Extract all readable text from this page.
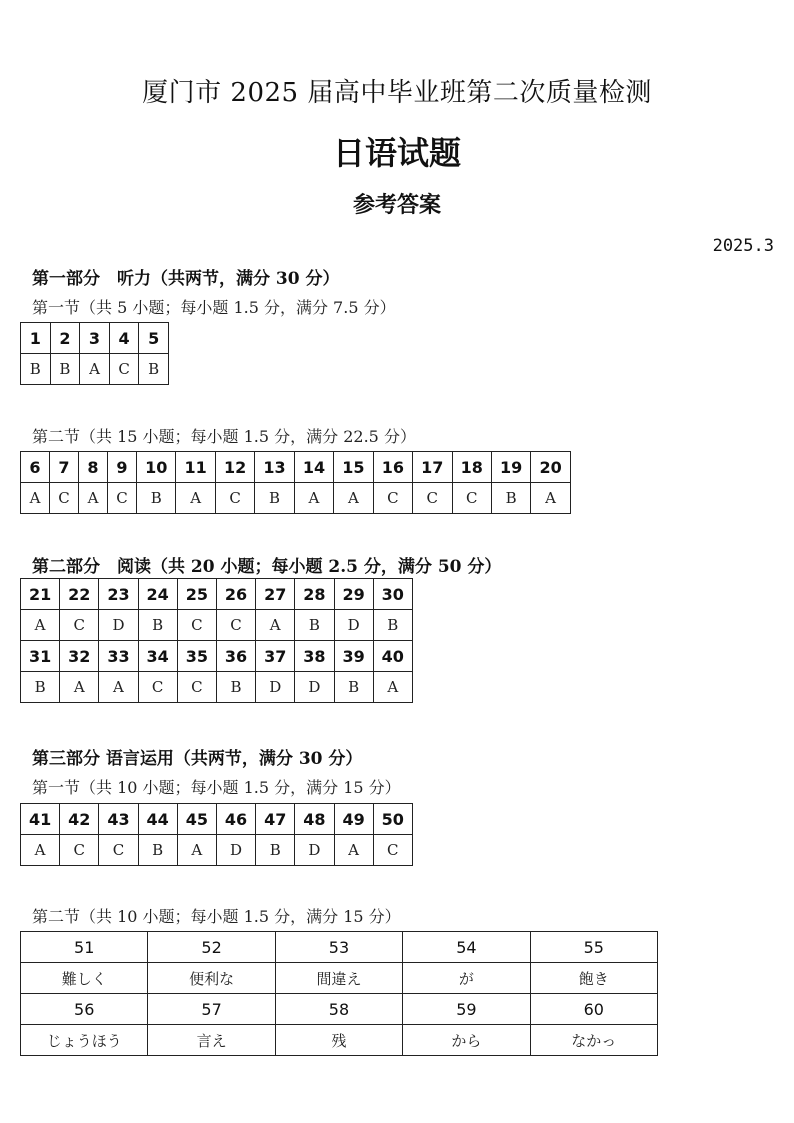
厦门市 2025 届高中毕业班第二次质量检测
日语试题
参考答案
2025.3
第一部分　听力（共两节，满分 30 分）
第一节（共 5 小题；每小题 1.5 分，满分 7.5 分）
1	2	3	4	5
B	B	A	C	B
第二节（共 15 小题；每小题 1.5 分，满分 22.5 分）
6	7	8	9	10	11	12	13	14	15	16	17	18	19	20
A	C	A	C	B	A	C	B	A	A	C	C	C	B	A
第二部分　阅读（共 20 小题；每小题 2.5 分，满分 50 分）
21	22	23	24	25	26	27	28	29	30
A	C	D	B	C	C	A	B	D	B
31	32	33	34	35	36	37	38	39	40
B	A	A	C	C	B	D	D	B	A
第三部分 语言运用（共两节，满分 30 分）
第一节（共 10 小题；每小题 1.5 分，满分 15 分）
41	42	43	44	45	46	47	48	49	50
A	C	C	B	A	D	B	D	A	C
第二节（共 10 小题；每小题 1.5 分，满分 15 分）
51	52	53	54	55
難しく	便利な	間違え	が	飽き
56	57	58	59	60
じょうほう	言え	残	から	なかっ
